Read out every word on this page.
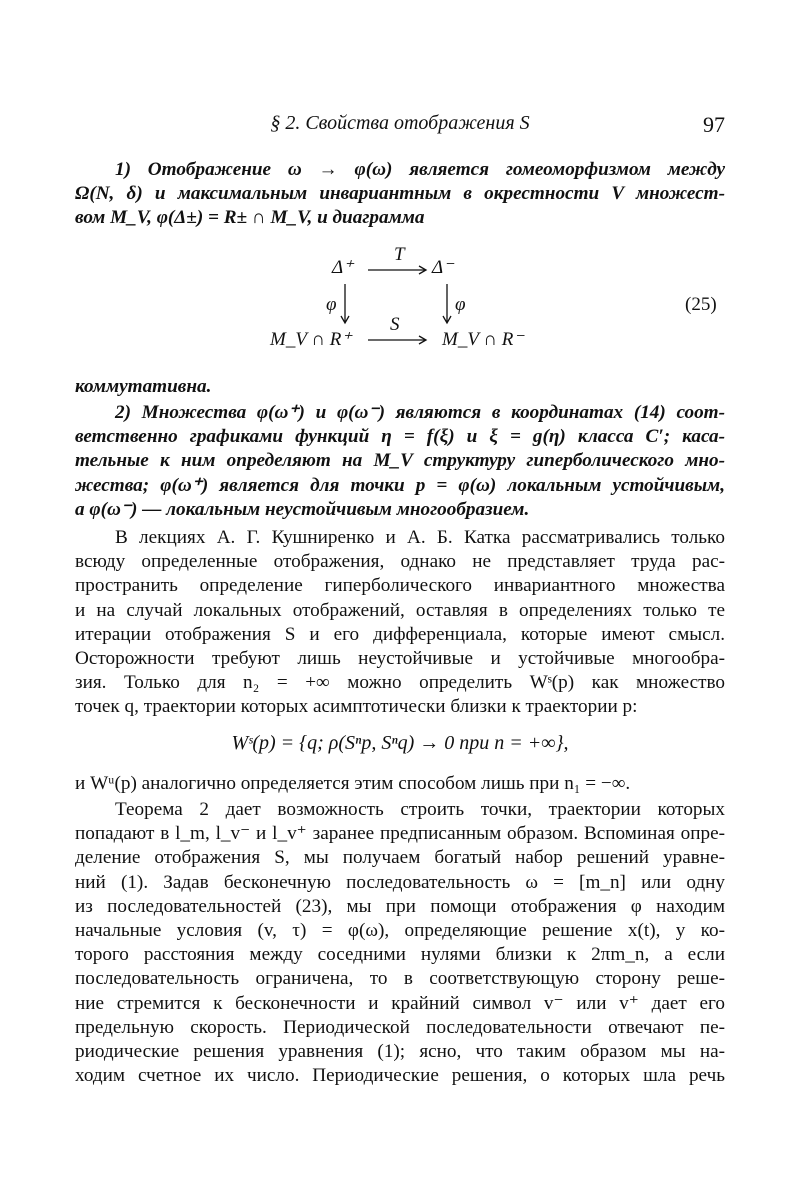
§ 2. Свойства отображения S	97
1) Отображение ω → φ(ω) является гомеоморфизмом между
Ω(N, δ) и максимальным инвариантным в окрестности V множест-
вом M_V, φ(Δ±) = R± ∩ M_V, и диаграмма
Δ⁺	Δ⁻
T
φ	φ
S
M_V ∩ R⁺	M_V ∩ R⁻
(25)
коммутативна.
2) Множества φ(ω⁺) и φ(ω⁻) являются в координатах (14) соот-
ветственно графиками функций η = f(ξ) и ξ = g(η) класса C′; каса-
тельные к ним определяют на M_V структуру гиперболического мно-
жества; φ(ω⁺) является для точки p = φ(ω) локальным устойчивым,
а φ(ω⁻) — локальным неустойчивым многообразием.
В лекциях А. Г. Кушниренко и А. Б. Катка рассматривались только
всюду определенные отображения, однако не представляет труда рас-
пространить определение гиперболического инвариантного множества
и на случай локальных отображений, оставляя в определениях только те
итерации отображения S и его дифференциала, которые имеют смысл.
Осторожности требуют лишь неустойчивые и устойчивые многообра-
зия. Только для n₂ = +∞ можно определить Wˢ(p) как множество
точек q, траектории которых асимптотически близки к траектории p:
Wˢ(p) = {q; ρ(Sⁿp, Sⁿq) → 0 при n = +∞},
и Wᵘ(p) аналогично определяется этим способом лишь при n₁ = −∞.
Теорема 2 дает возможность строить точки, траектории которых
попадают в l_m, l_v⁻ и l_v⁺ заранее предписанным образом. Вспоминая опре-
деление отображения S, мы получаем богатый набор решений уравне-
ний (1). Задав бесконечную последовательность ω = [m_n] или одну
из последовательностей (23), мы при помощи отображения φ находим
начальные условия (v, τ) = φ(ω), определяющие решение x(t), у ко-
торого расстояния между соседними нулями близки к 2πm_n, а если
последовательность ограничена, то в соответствующую сторону реше-
ние стремится к бесконечности и крайний символ v⁻ или v⁺ дает его
предельную скорость. Периодической последовательности отвечают пе-
риодические решения уравнения (1); ясно, что таким образом мы на-
ходим счетное их число. Периодические решения, о которых шла речь
